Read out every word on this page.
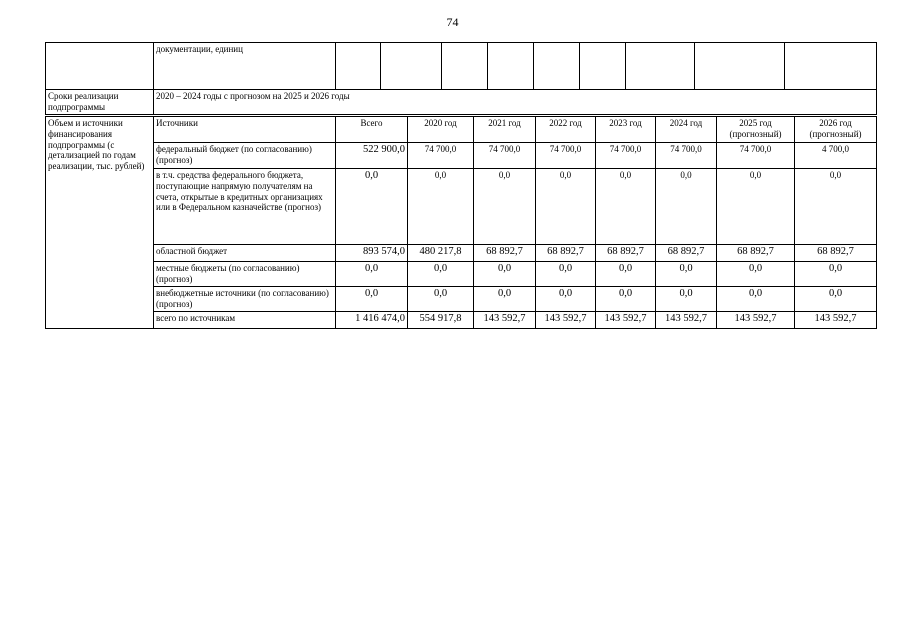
74
	документации, единиц									
Сроки реализации подпрограммы	2020 – 2024 годы с прогнозом на 2025 и 2026 годы									
Объем и источники финансирования подпрограммы (с детализацией по годам реализации, тыс. рублей)	Источники	Всего	2020 год	2021 год	2022 год	2023 год	2024 год	2025 год (прогнозный)	2026 год (прогнозный)
	федеральный бюджет (по согласованию) (прогноз)	522 900,0	74 700,0	74 700,0	74 700,0	74 700,0	74 700,0	74 700,0	4 700,0
	в т.ч. средства федерального бюджета, поступающие напрямую получателям на счета, открытые в кредитных организациях или в Федеральном казначействе (прогноз)	0,0	0,0	0,0	0,0	0,0	0,0	0,0	0,0
	областной бюджет	893 574,0	480 217,8	68 892,7	68 892,7	68 892,7	68 892,7	68 892,7	68 892,7
	местные бюджеты (по согласованию) (прогноз)	0,0	0,0	0,0	0,0	0,0	0,0	0,0	0,0
	внебюджетные источники (по согласованию) (прогноз)	0,0	0,0	0,0	0,0	0,0	0,0	0,0	0,0
	всего по источникам	1 416 474,0	554 917,8	143 592,7	143 592,7	143 592,7	143 592,7	143 592,7	143 592,7
